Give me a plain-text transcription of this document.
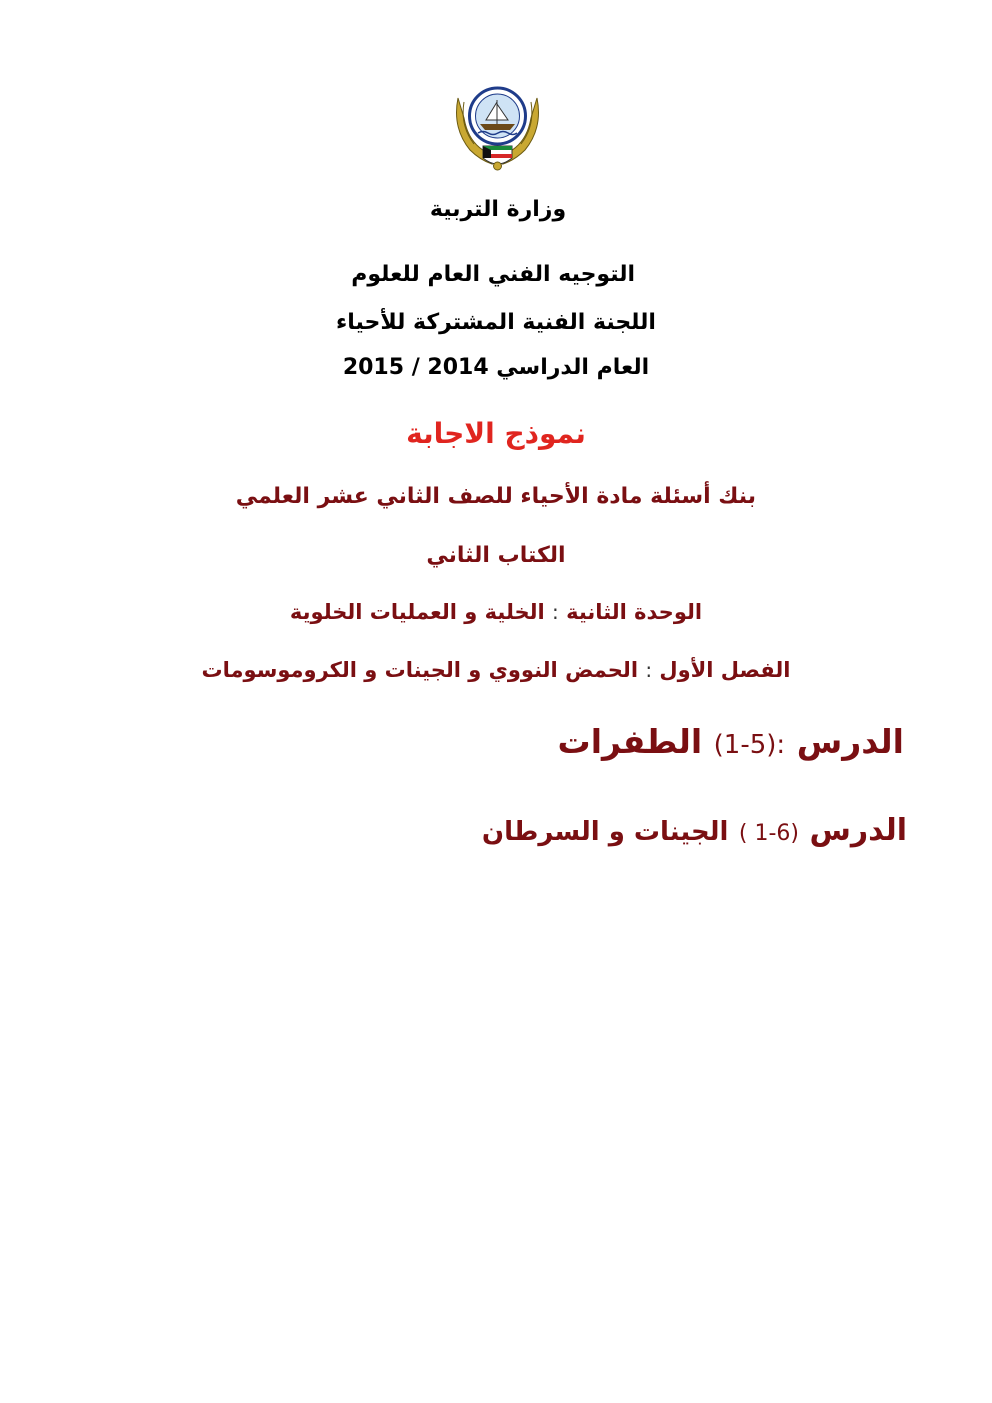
وزارة التربية
التوجيه الفني العام للعلوم
اللجنة الفنية المشتركة للأحياء
العام الدراسي 2014 / 2015
نموذج الاجابة
بنك أسئلة مادة الأحياء للصف الثاني عشر العلمي
الكتاب الثاني
الوحدة الثانية : الخلية و العمليات الخلوية
الفصل الأول : الحمض النووي و الجينات و الكروموسومات
الدرس :(1-5) الطفرات
الدرس ( 1-6) الجينات و السرطان
